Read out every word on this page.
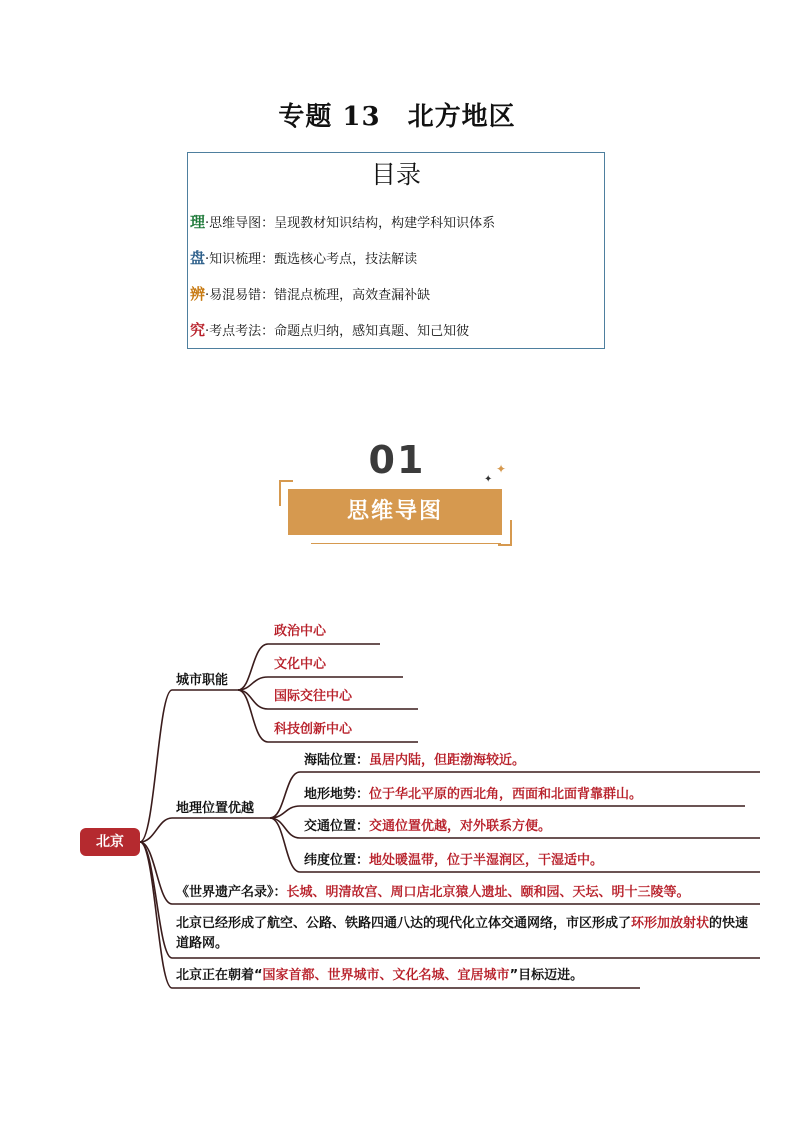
专题 13　北方地区
目录
理·思维导图：呈现教材知识结构，构建学科知识体系
盘·知识梳理：甄选核心考点，技法解读
辨·易混易错：错混点梳理，高效查漏补缺
究·考点考法：命题点归纳，感知真题、知己知彼
01
思维导图
✦
✦
北京
城市职能
政治中心
文化中心
国际交往中心
科技创新中心
地理位置优越
海陆位置：虽居内陆，但距渤海较近。
地形地势：位于华北平原的西北角，西面和北面背靠群山。
交通位置：交通位置优越，对外联系方便。
纬度位置：地处暖温带，位于半湿润区，干湿适中。
《世界遗产名录》：长城、明清故宫、周口店北京猿人遗址、颐和园、天坛、明十三陵等。
北京已经形成了航空、公路、铁路四通八达的现代化立体交通网络，市区形成了环形加放射状的快速道路网。
北京正在朝着“国家首都、世界城市、文化名城、宜居城市”目标迈进。
